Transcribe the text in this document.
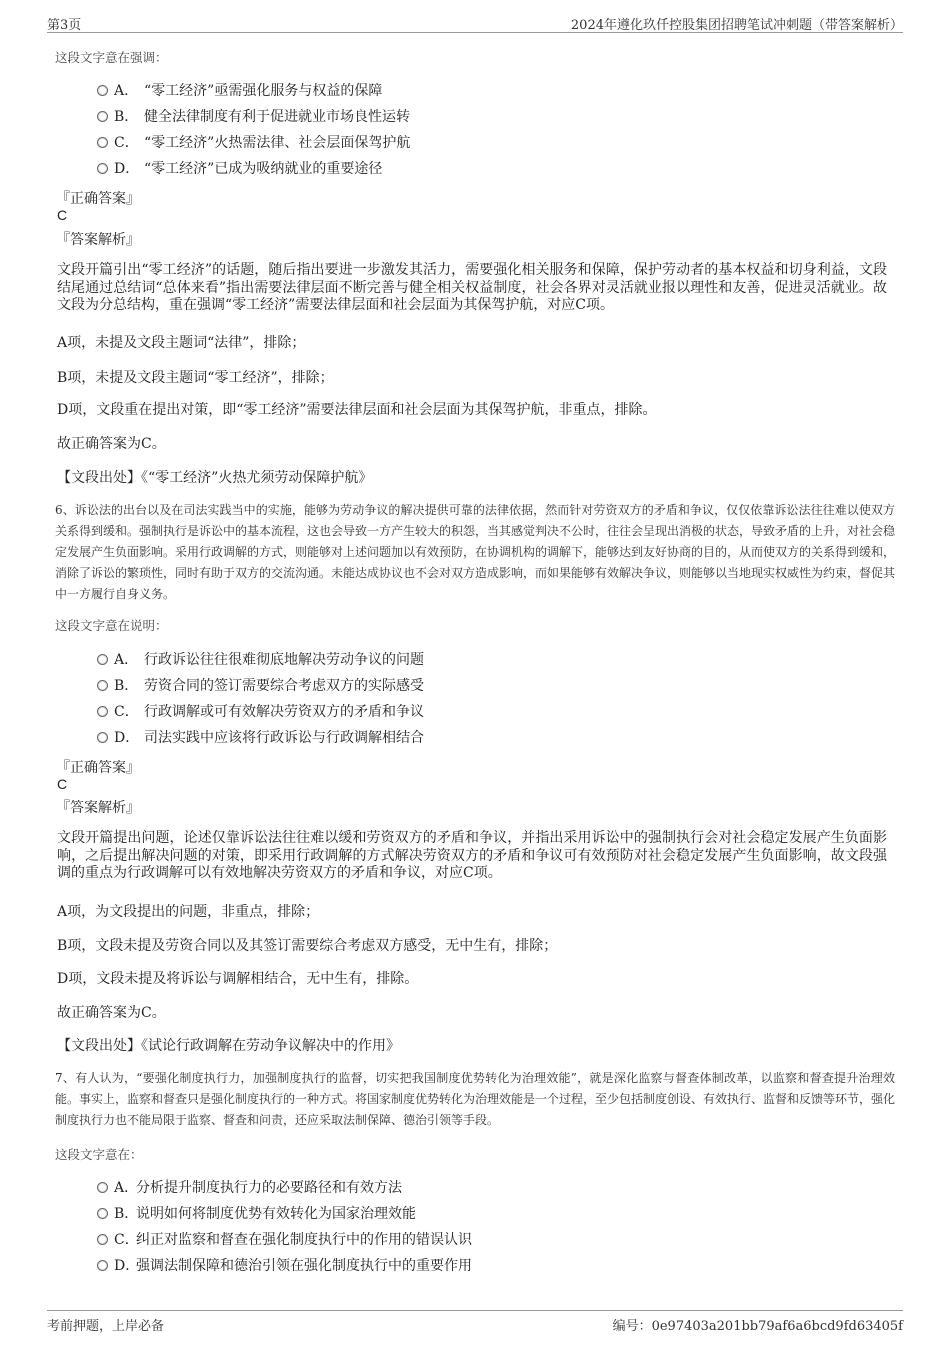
第3页	2024年遵化玖仟控股集团招聘笔试冲刺题（带答案解析）
这段文字意在强调：
A． “零工经济”亟需强化服务与权益的保障
B． 健全法律制度有利于促进就业市场良性运转
C． “零工经济”火热需法律、社会层面保驾护航
D． “零工经济”已成为吸纳就业的重要途径
『正确答案』
C
『答案解析』
文段开篇引出“零工经济”的话题，随后指出要进一步激发其活力，需要强化相关服务和保障，保护劳动者的基本权益和切身利益，文段结尾通过总结词“总体来看”指出需要法律层面不断完善与健全相关权益制度，社会各界对灵活就业报以理性和友善，促进灵活就业。故文段为分总结构，重在强调“零工经济”需要法律层面和社会层面为其保驾护航，对应C项。
A项，未提及文段主题词“法律”，排除；
B项，未提及文段主题词“零工经济”，排除；
D项，文段重在提出对策，即“零工经济”需要法律层面和社会层面为其保驾护航，非重点，排除。
故正确答案为C。
【文段出处】《“零工经济”火热尤须劳动保障护航》
6、诉讼法的出台以及在司法实践当中的实施，能够为劳动争议的解决提供可靠的法律依据，然而针对劳资双方的矛盾和争议，仅仅依靠诉讼法往往难以使双方关系得到缓和。强制执行是诉讼中的基本流程，这也会导致一方产生较大的积怨，当其感觉判决不公时，往往会呈现出消极的状态，导致矛盾的上升，对社会稳定发展产生负面影响。采用行政调解的方式，则能够对上述问题加以有效预防，在协调机构的调解下，能够达到友好协商的目的，从而使双方的关系得到缓和，消除了诉讼的繁琐性，同时有助于双方的交流沟通。未能达成协议也不会对双方造成影响，而如果能够有效解决争议，则能够以当地现实权威性为约束，督促其中一方履行自身义务。
这段文字意在说明：
A． 行政诉讼往往很难彻底地解决劳动争议的问题
B． 劳资合同的签订需要综合考虑双方的实际感受
C． 行政调解或可有效解决劳资双方的矛盾和争议
D． 司法实践中应该将行政诉讼与行政调解相结合
『正确答案』
C
『答案解析』
文段开篇提出问题，论述仅靠诉讼法往往难以缓和劳资双方的矛盾和争议，并指出采用诉讼中的强制执行会对社会稳定发展产生负面影响，之后提出解决问题的对策，即采用行政调解的方式解决劳资双方的矛盾和争议可有效预防对社会稳定发展产生负面影响，故文段强调的重点为行政调解可以有效地解决劳资双方的矛盾和争议，对应C项。
A项，为文段提出的问题，非重点，排除；
B项，文段未提及劳资合同以及其签订需要综合考虑双方感受，无中生有，排除；
D项，文段未提及将诉讼与调解相结合，无中生有，排除。
故正确答案为C。
【文段出处】《试论行政调解在劳动争议解决中的作用》
7、有人认为，“要强化制度执行力，加强制度执行的监督，切实把我国制度优势转化为治理效能”，就是深化监察与督查体制改革，以监察和督查提升治理效能。事实上，监察和督查只是强化制度执行的一种方式。将国家制度优势转化为治理效能是一个过程，至少包括制度创设、有效执行、监督和反馈等环节，强化制度执行力也不能局限于监察、督查和问责，还应采取法制保障、德治引领等手段。
这段文字意在：
A．分析提升制度执行力的必要路径和有效方法
B．说明如何将制度优势有效转化为国家治理效能
C．纠正对监察和督查在强化制度执行中的作用的错误认识
D．强调法制保障和德治引领在强化制度执行中的重要作用
考前押题，上岸必备	编号：0e97403a201bb79af6a6bcd9fd63405f
